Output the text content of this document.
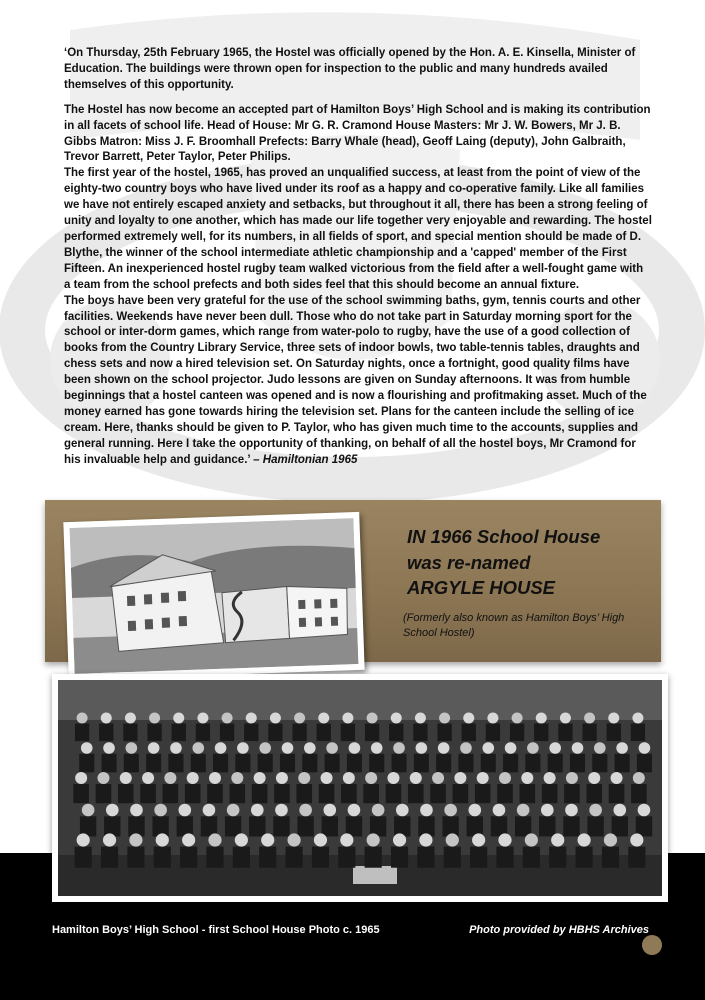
‘On Thursday, 25th February 1965, the Hostel was officially opened by the Hon. A. E. Kinsella, Minister of Education. The buildings were thrown open for inspection to the public and many hundreds availed themselves of this opportunity.

The Hostel has now become an accepted part of Hamilton Boys’ High School and is making its contribution in all facets of school life. Head of House: Mr G. R. Cramond House Masters: Mr J. W. Bowers, Mr J. B. Gibbs Matron: Miss J. F. Broomhall Prefects: Barry Whale (head), Geoff Laing (deputy), John Galbraith, Trevor Barrett, Peter Taylor, Peter Philips.

The first year of the hostel, 1965, has proved an unqualified success, at least from the point of view of the eighty-two country boys who have lived under its roof as a happy and co-operative family. Like all families we have not entirely escaped anxiety and setbacks, but throughout it all, there has been a strong feeling of unity and loyalty to one another, which has made our life together very enjoyable and rewarding. The hostel performed extremely well, for its numbers, in all fields of sport, and special mention should be made of D. Blythe, the winner of the school intermediate athletic championship and a 'capped' member of the First Fifteen. An inexperienced hostel rugby team walked victorious from the field after a well-fought game with a team from the school prefects and both sides feel that this should become an annual fixture.

The boys have been very grateful for the use of the school swimming baths, gym, tennis courts and other facilities. Weekends have never been dull. Those who do not take part in Saturday morning sport for the school or inter-dorm games, which range from water-polo to rugby, have the use of a good collection of books from the Country Library Service, three sets of indoor bowls, two table-tennis tables, draughts and chess sets and now a hired television set. On Saturday nights, once a fortnight, good quality films have been shown on the school projector. Judo lessons are given on Sunday afternoons. It was from humble beginnings that a hostel canteen was opened and is now a flourishing and profitmaking asset. Much of the money earned has gone towards hiring the television set. Plans for the canteen include the selling of ice cream. Here, thanks should be given to P. Taylor, who has given much time to the accounts, supplies and general running. Here I take the opportunity of thanking, on behalf of all the hostel boys, Mr Cramond for his invaluable help and guidance.’ – Hamiltonian 1965

IN 1966 School House
was re-named
ARGYLE HOUSE
(Formerly also known as Hamilton Boys’ High School Hostel)
Hamilton Boys’ High School - first School House Photo c. 1965	Photo provided by HBHS Archives
